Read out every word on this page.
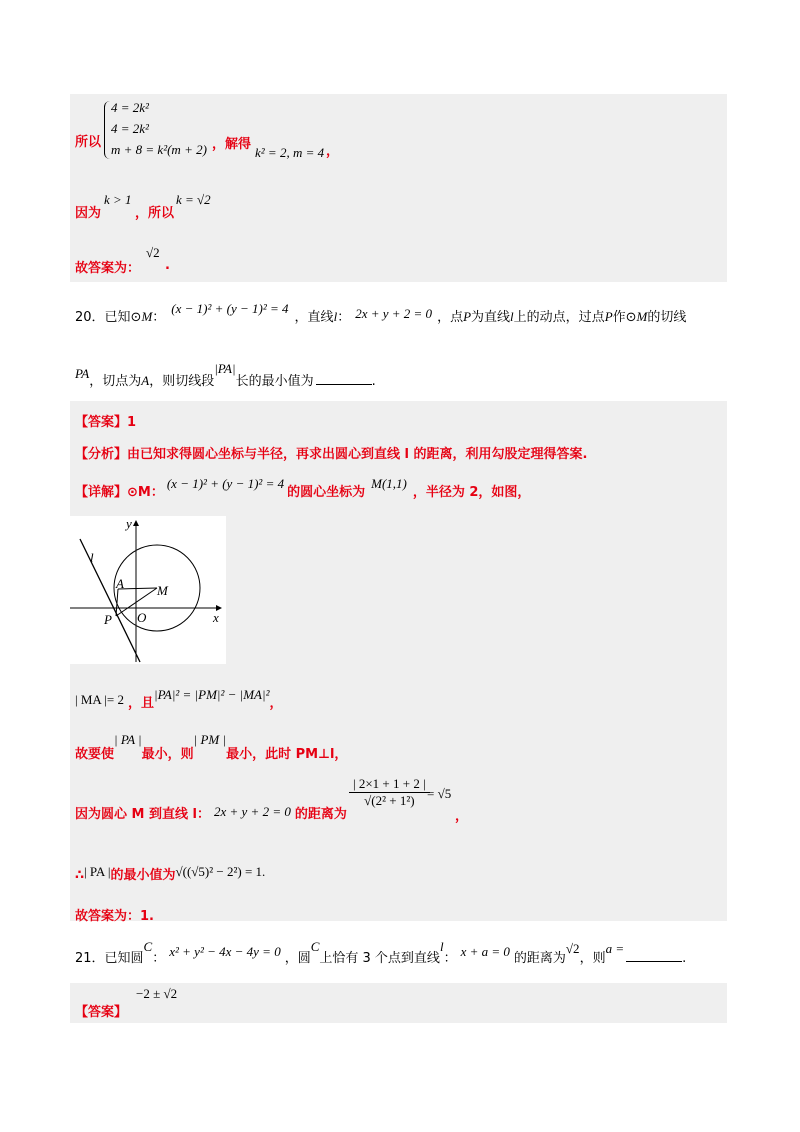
4 = 2k²
4 = 2k²
m + 8 = k²(m + 2)
所以	，解得
k² = 2, m = 4 ，
因为
k > 1
，所以
k = √2
故答案为：
√2
.
20．已知⊙M：(x − 1)² + (y − 1)² = 4，直线l： 2x + y + 2 = 0 ，点P为直线l上的动点，过点P作⊙M的切线
PA，切点为A，则切线段|PA|长的最小值为	.
【答案】1
【分析】由已知求得圆心坐标与半径，再求出圆心到直线 l 的距离，利用勾股定理得答案.
【详解】⊙M：(x − 1)² + (y − 1)² = 4的圆心坐标为M(1,1)，半径为 2，如图，
y
x
l
A	M
O
P
| MA |= 2 ，且|PA|² = |PM|² − |MA|²，
故要使| PA |最小，则| PM |最小，此时 PM⊥l，
因为圆心 M 到直线 l： 2x + y + 2 = 0 的距离为
$\frac{| 2\times 1 + 1 + 2 |}{\text{√(2² + 1²)}}$
= √5
，
∴| PA |的最小值为√((√5)² − 2²) = 1.
故答案为：1.
21．已知圆C： x² + y² − 4x − 4y = 0 ，圆C上恰有 3 个点到直线l： x + a = 0 的距离为√2，则a =.
【答案】
−2 ± √2
